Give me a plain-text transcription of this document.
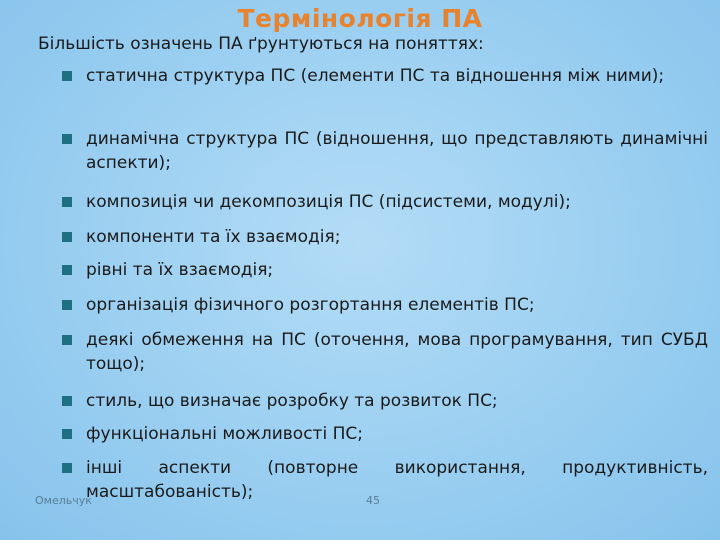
Термінологія ПА

Більшість означень ПА ґрунтуються на поняттях:

статична структура ПС (елементи ПС та відношення між ними);
динамічна структура ПС (відношення, що представляють динамічні аспекти);
композиція чи декомпозиція ПС (підсистеми, модулі);
компоненти та їх взаємодія;
рівні та їх взаємодія;
організація фізичного розгортання елементів ПС;
деякі обмеження на ПС (оточення, мова програмування, тип СУБД тощо);
стиль, що визначає розробку та розвиток ПС;
функціональні можливості ПС;
інші аспекти (повторне використання, продуктивність, масштабованість);
Омельчук	45
